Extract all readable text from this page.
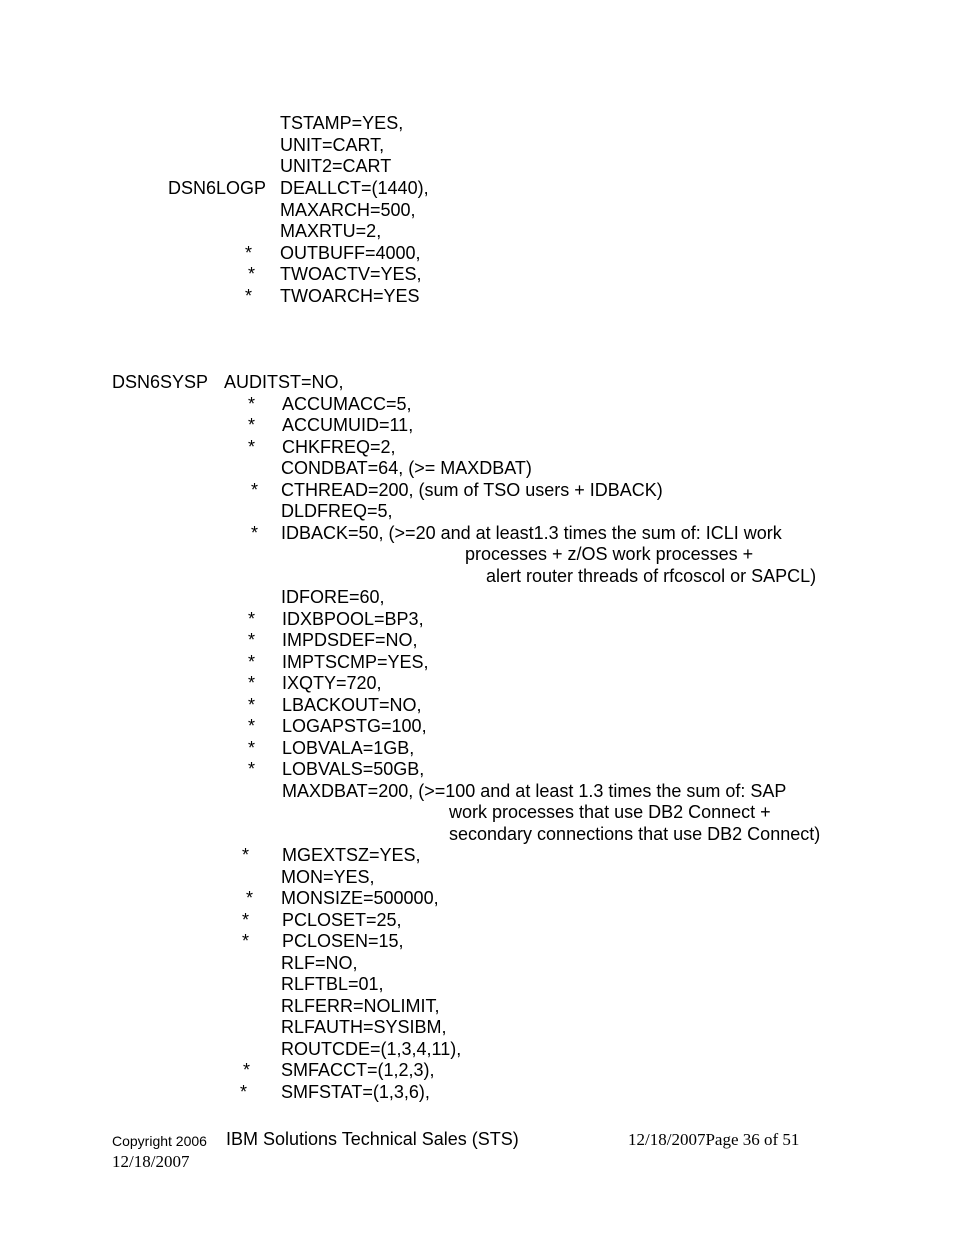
TSTAMP=YES,
UNIT=CART,
UNIT2=CART
DSN6LOGP DEALLCT=(1440),
MAXARCH=500,
MAXRTU=2,
* OUTBUFF=4000,
* TWOACTV=YES,
* TWOARCH=YES
DSN6SYSP AUDITST=NO,
* ACCUMACC=5,
* ACCUMUID=11,
* CHKFREQ=2,
CONDBAT=64, (>= MAXDBAT)
* CTHREAD=200, (sum of TSO users + IDBACK)
DLDFREQ=5,
* IDBACK=50, (>=20 and at least1.3 times the sum of: ICLI work
processes + z/OS work processes +
alert router threads of rfcoscol or SAPCL)
IDFORE=60,
* IDXBPOOL=BP3,
* IMPDSDEF=NO,
* IMPTSCMP=YES,
* IXQTY=720,
* LBACKOUT=NO,
* LOGAPSTG=100,
* LOBVALA=1GB,
* LOBVALS=50GB,
MAXDBAT=200, (>=100 and at least 1.3 times the sum of: SAP
work processes that use DB2 Connect +
secondary connections that use DB2 Connect)
* MGEXTSZ=YES,
MON=YES,
* MONSIZE=500000,
* PCLOSET=25,
* PCLOSEN=15,
RLF=NO,
RLFTBL=01,
RLFERR=NOLIMIT,
RLFAUTH=SYSIBM,
ROUTCDE=(1,3,4,11),
* SMFACCT=(1,2,3),
* SMFSTAT=(1,3,6),
Copyright 2006 IBM Solutions Technical Sales (STS)	12/18/2007Page 36 of 51
12/18/2007
